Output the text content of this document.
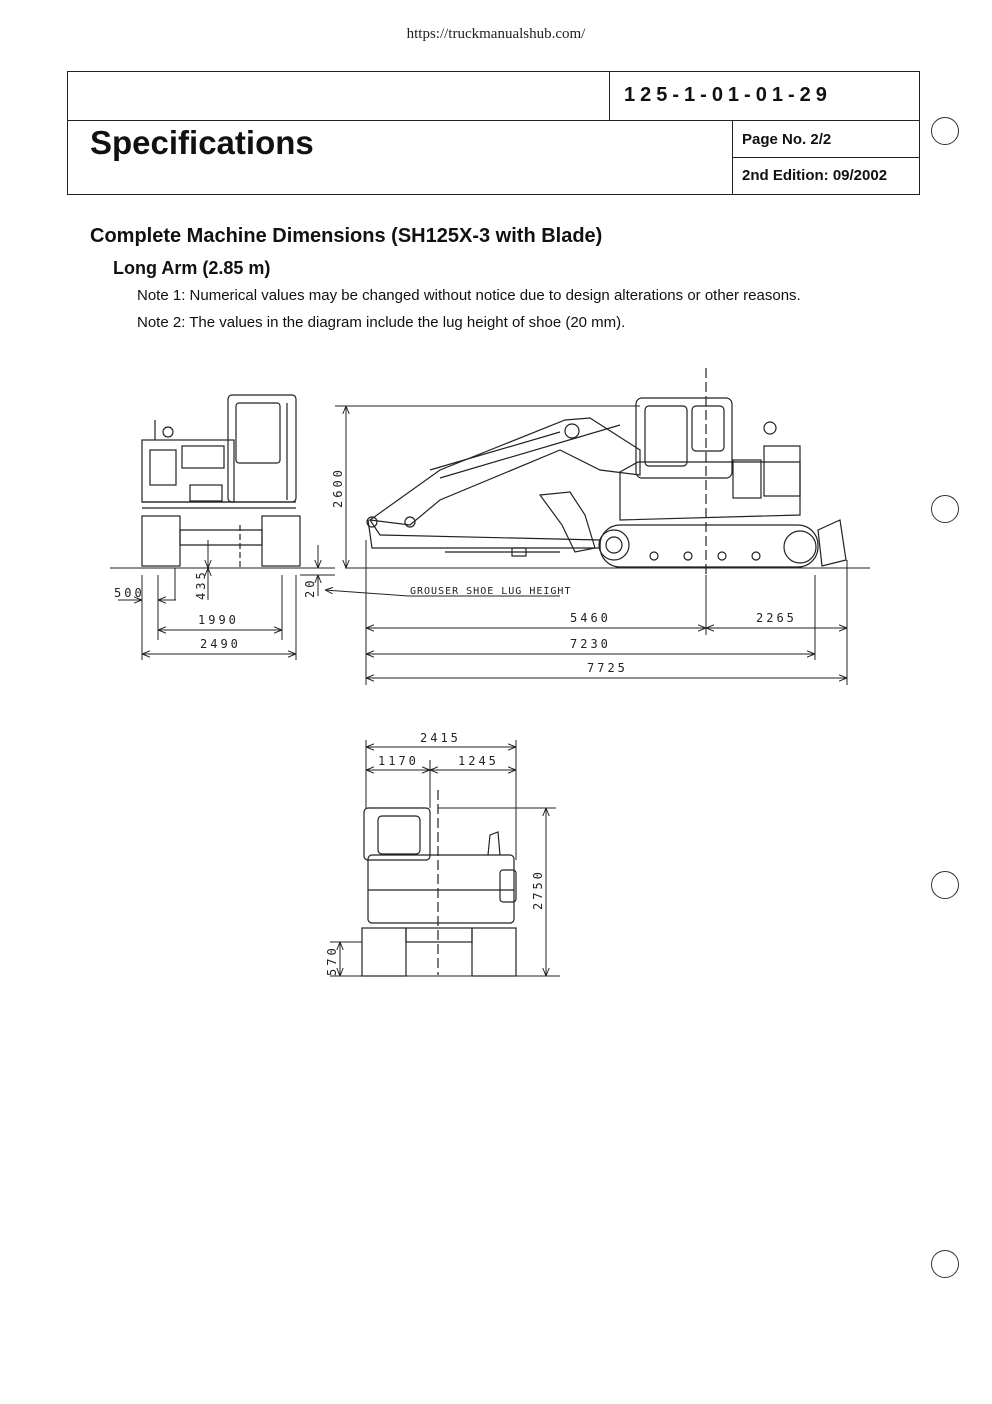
https://truckmanualshub.com/
125-1-01-01-29
Specifications	Page No. 2/2
2nd Edition: 09/2002
Complete Machine Dimensions (SH125X-3 with Blade)
Long Arm (2.85 m)
Note 1: Numerical values may be changed without notice due to design alterations or other reasons.
Note 2: The values in the diagram include the lug height of shoe (20 mm).
500	435
1990
2490
2600
20	GROUSER SHOE LUG HEIGHT
5460	2265
7230
7725
2415
1170	1245
2750
570
